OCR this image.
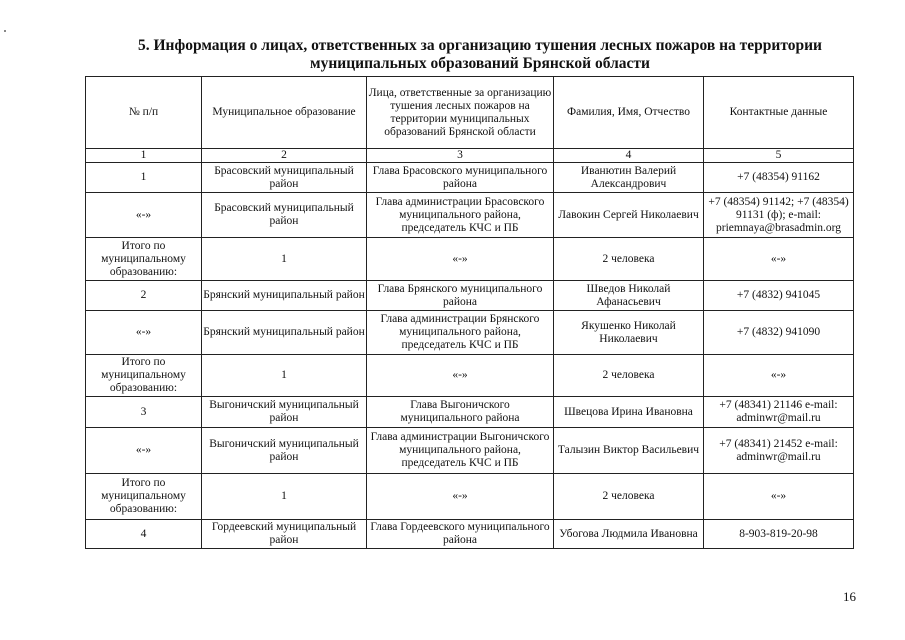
5. Информация о лицах, ответственных за организацию тушения лесных пожаров на территории
муниципальных образований Брянской области
№ п/п	Муниципальное образование	Лица, ответственные за организацию тушения лесных пожаров на территории муниципальных образований Брянской области	Фамилия, Имя, Отчество	Контактные данные
1	2	3	4	5
1	Брасовский муниципальный район	Глава Брасовского муниципального района	Иванютин Валерий Александрович	+7 (48354) 91162
«-»	Брасовский муниципальный район	Глава администрации Брасовского муниципального района, председатель КЧС и ПБ	Лавокин Сергей Николаевич	+7 (48354) 91142; +7 (48354) 91131 (ф); e-mail: priemnaya@brasadmin.org
Итого по муниципальному образованию:	1	«-»	2 человека	«-»
2	Брянский муниципальный район	Глава Брянского муниципального района	Шведов Николай Афанасьевич	+7 (4832) 941045
«-»	Брянский муниципальный район	Глава администрации Брянского муниципального района, председатель КЧС и ПБ	Якушенко Николай Николаевич	+7 (4832) 941090
Итого по муниципальному образованию:	1	«-»	2 человека	«-»
3	Выгоничский муниципальный район	Глава Выгоничского муниципального района	Швецова Ирина Ивановна	+7 (48341) 21146 e-mail: adminwr@mail.ru
«-»	Выгоничский муниципальный район	Глава администрации Выгоничского муниципального района, председатель КЧС и ПБ	Талызин Виктор Васильевич	+7 (48341) 21452 e-mail: adminwr@mail.ru
Итого по муниципальному образованию:	1	«-»	2 человека	«-»
4	Гордеевский муниципальный район	Глава Гордеевского муниципального района	Убогова Людмила Ивановна	8-903-819-20-98
16
